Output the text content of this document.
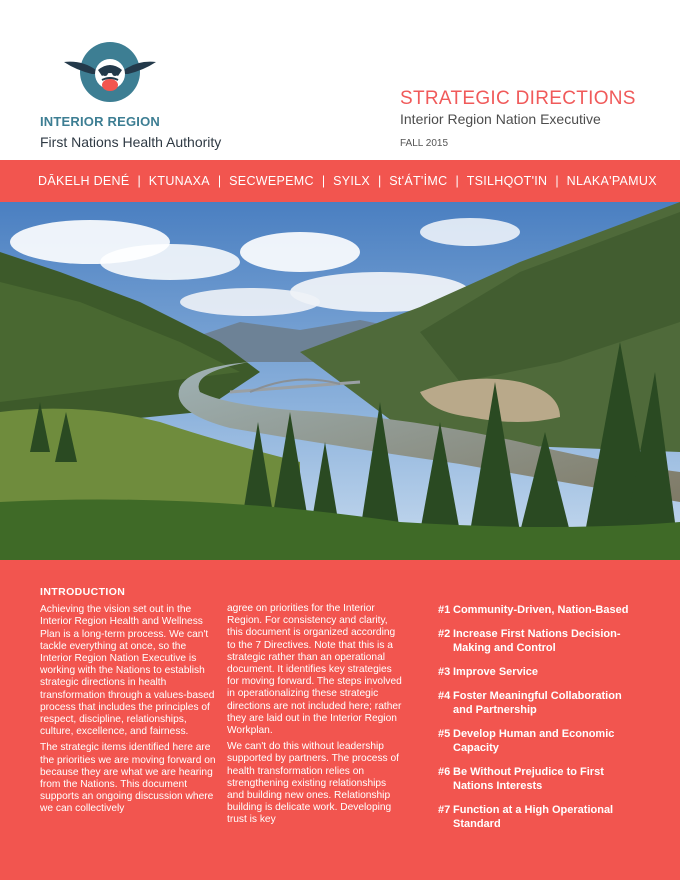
INTERIOR REGION
First Nations Health Authority
STRATEGIC DIRECTIONS
Interior Region Nation Executive
FALL 2015
DĀKELH DENÉ | KTUNAXA | SECWEPEMC | SYILX | St'ÁT'İMC | TSILHQOT'IN | NLAKA'PAMUX
INTRODUCTION

Achieving the vision set out in the Interior Region Health and Wellness Plan is a long-term process. We can't tackle everything at once, so the Interior Region Nation Executive is working with the Nations to establish strategic directions in health transformation through a values-based process that includes the principles of respect, discipline, relationships, culture, excellence, and fairness.

The strategic items identified here are the priorities we are moving forward on because they are what we are hearing from the Nations. This document supports an ongoing discussion where we can collectively

agree on priorities for the Interior Region. For consistency and clarity, this document is organized according to the 7 Directives. Note that this is a strategic rather than an operational document. It identifies key strategies for moving forward. The steps involved in operationalizing these strategic directions are not included here; rather they are laid out in the Interior Region Workplan.

We can't do this without leadership supported by partners. The process of health transformation relies on strengthening existing relationships and building new ones. Relationship building is delicate work. Developing trust is key

#1 Community-Driven, Nation-Based
#2 Increase First Nations Decision-Making and Control
#3 Improve Service
#4 Foster Meaningful Collaboration and Partnership
#5 Develop Human and Economic Capacity
#6 Be Without Prejudice to First Nations Interests
#7 Function at a High Operational Standard
